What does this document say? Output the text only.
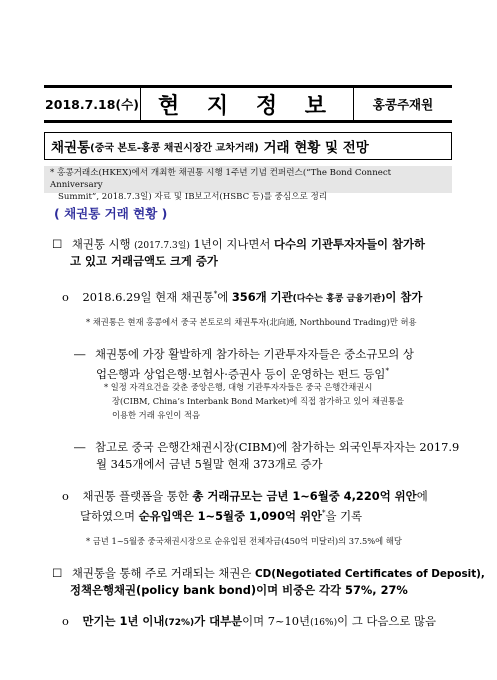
2018.7.18(수) 현 지 정 보	홍콩주재원
채권통 (중국 본토-홍콩 채권시장간 교차거래) 거래 현황 및 전망
* 홍콩거래소(HKEX)에서 개최한 채권통 시행 1주년 기념 컨퍼런스(“The Bond Connect Anniversary
Summit”, 2018.7.3일) 자료 및 IB보고서(HSBC 등)를 중심으로 정리
( 채권통 거래 현황 )
☐ 채권통 시행 (2017.7.3일) 1년이 지나면서 다수의 기관투자자들이 참가하
고 있고 거래금액도 크게 증가
ο 2018.6.29일 현재 채권통*에 356개 기관(다수는 홍콩 금융기관)이 참가
* 채권통은 현재 홍콩에서 중국 본토로의 채권투자(北向通, Northbound Trading)만 허용
― 채권통에 가장 활발하게 참가하는 기관투자자들은 중소규모의 상
업은행과 상업은행·보험사·증권사 등이 운영하는 펀드 등임*
* 일정 자격요건을 갖춘 중앙은행, 대형 기관투자자들은 중국 은행간채권시
장(CIBM, China’s Interbank Bond Market)에 직접 참가하고 있어 채권통을
이용한 거래 유인이 적음
― 참고로 중국 은행간채권시장(CIBM)에 참가하는 외국인투자자는 2017.9
월 345개에서 금년 5월말 현재 373개로 증가
ο 채권통 플랫폼을 통한 총 거래규모는 금년 1~6월중 4,220억 위안에
달하였으며 순유입액은 1~5월중 1,090억 위안*을 기록
* 금년 1~5월중 중국채권시장으로 순유입된 전체자금(450억 미달러)의 37.5%에 해당
☐ 채권통을 통해 주로 거래되는 채권은 CD(Negotiated Certificates of Deposit),
정책은행채권(policy bank bond)이며 비중은 각각 57%, 27%
ο 만기는 1년 이내(72%)가 대부분이며 7~10년(16%)이 그 다음으로 많음
